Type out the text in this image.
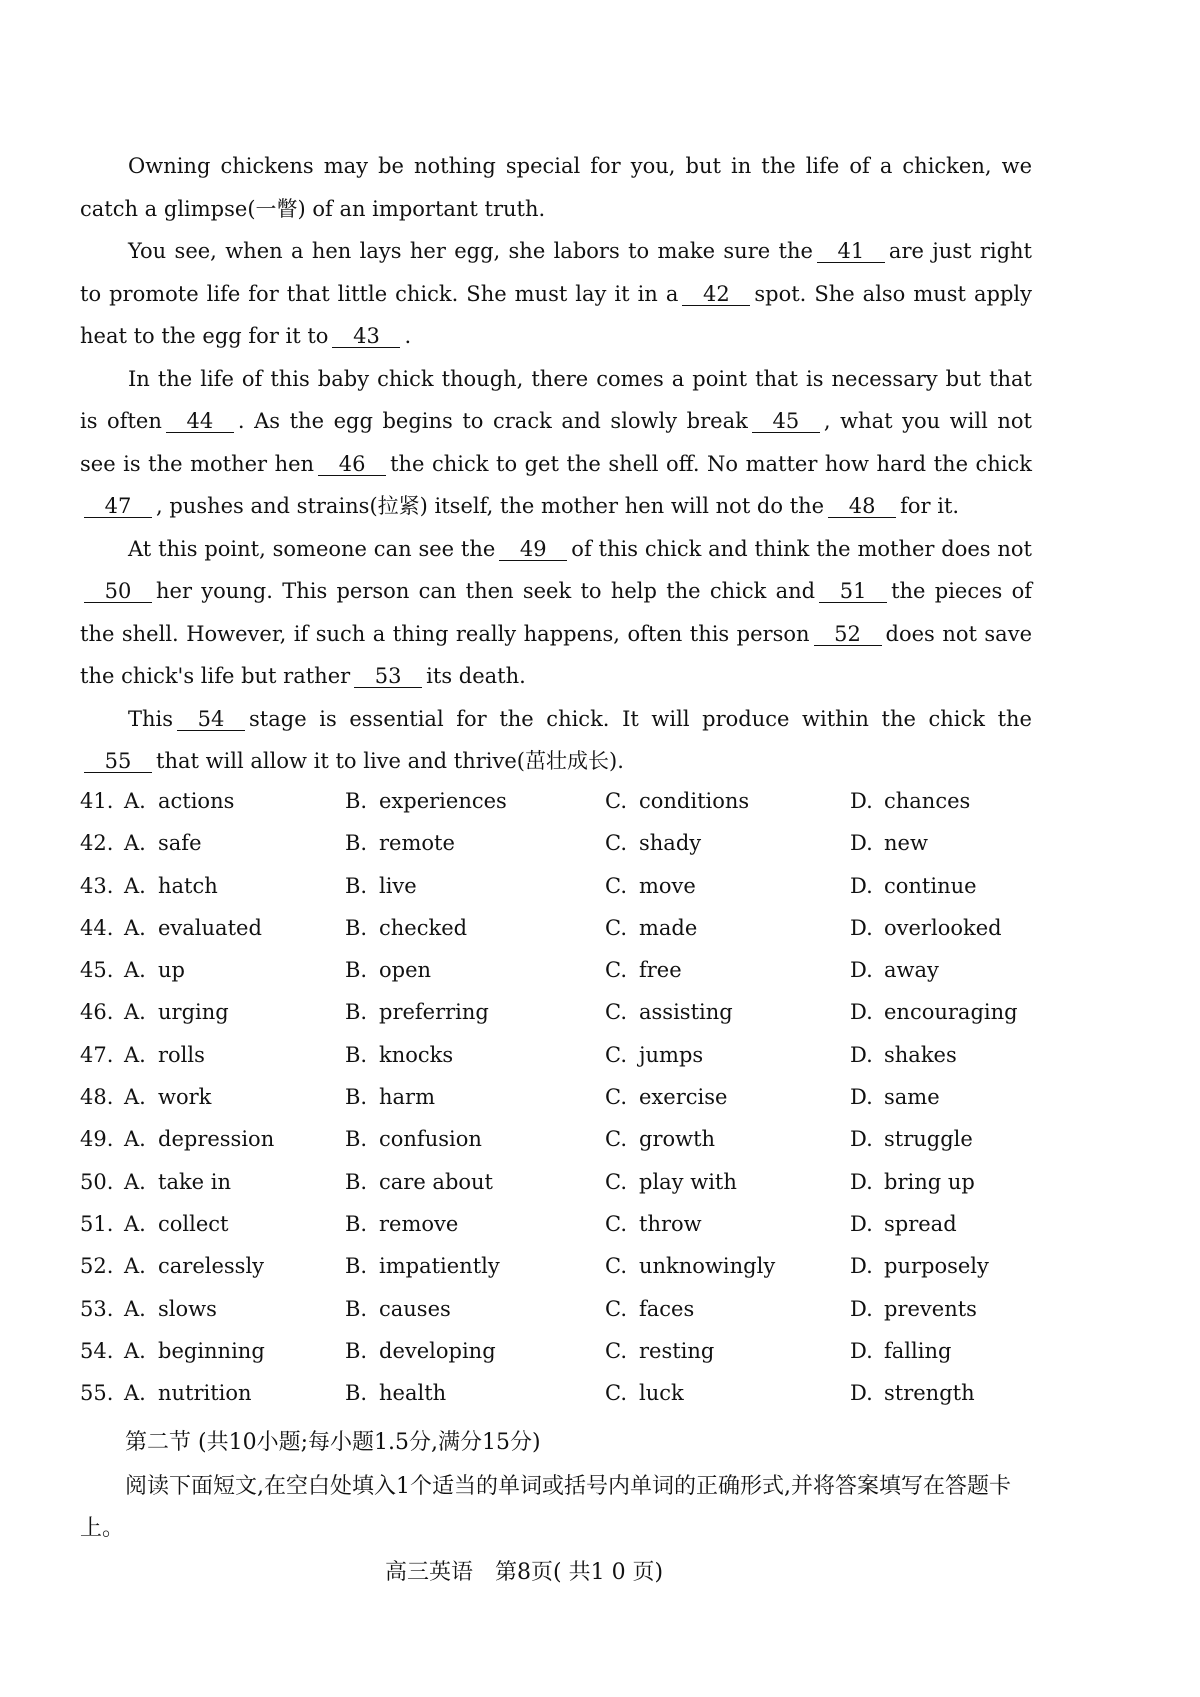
Owning chickens may be nothing special for you, but in the life of a chicken, we catch a glimpse(一瞥) of an important truth.

You see, when a hen lays her egg, she labors to make sure the 41 are just right to promote life for that little chick. She must lay it in a 42 spot. She also must apply heat to the egg for it to 43 .

In the life of this baby chick though, there comes a point that is necessary but that is often 44 . As the egg begins to crack and slowly break 45 , what you will not see is the mother hen 46 the chick to get the shell off. No matter how hard the chick47 , pushes and strains(拉紧) itself, the mother hen will not do the 48 for it.

At this point, someone can see the 49 of this chick and think the mother does not50 her young. This person can then seek to help the chick and 51 the pieces of the shell. However, if such a thing really happens, often this person 52 does not save the chick's life but rather 53 its death.

This 54 stage is essential for the chick. It will produce within the chick the55 that will allow it to live and thrive(茁壮成长).

41. A. actions	B. experiences	C. conditions	D. chances
42. A. safe	B. remote	C. shady	D. new
43. A. hatch	B. live	C. move	D. continue
44. A. evaluated	B. checked	C. made	D. overlooked
45. A. up	B. open	C. free	D. away
46. A. urging	B. preferring	C. assisting	D. encouraging
47. A. rolls	B. knocks	C. jumps	D. shakes
48. A. work	B. harm	C. exercise	D. same
49. A. depression	B. confusion	C. growth	D. struggle
50. A. take in	B. care about	C. play with	D. bring up
51. A. collect	B. remove	C. throw	D. spread
52. A. carelessly	B. impatiently	C. unknowingly	D. purposely
53. A. slows	B. causes	C. faces	D. prevents
54. A. beginning	B. developing	C. resting	D. falling
55. A. nutrition	B. health	C. luck	D. strength
第二节 (共10小题;每小题1.5分,满分15分)

阅读下面短文,在空白处填入1个适当的单词或括号内单词的正确形式,并将答案填写在答题卡上。

高三英语　第8页( 共1 0 页)
